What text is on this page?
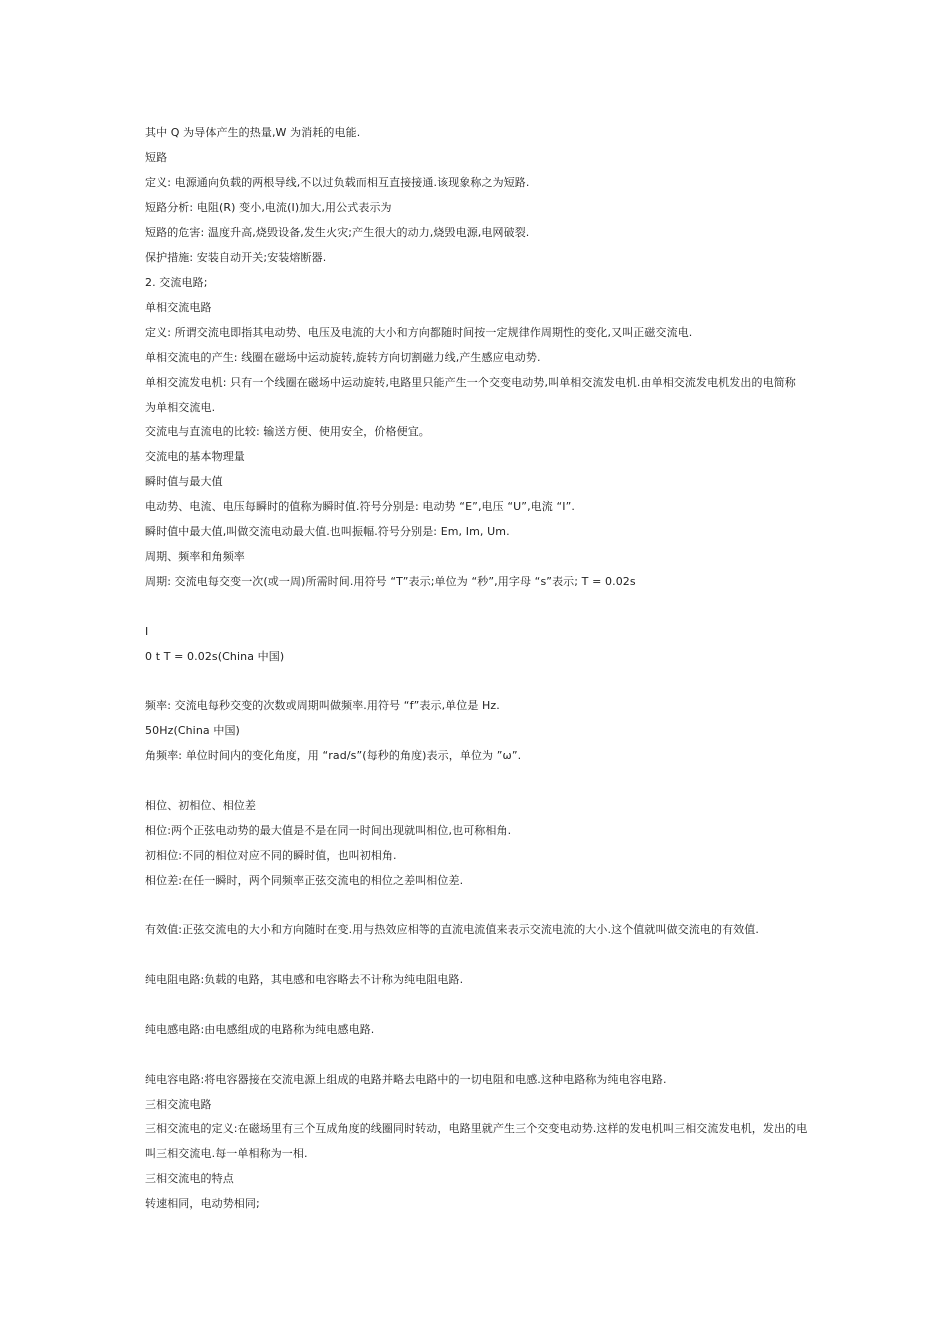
其中 Q 为导体产生的热量,W 为消耗的电能.
短路
定义: 电源通向负载的两根导线,不以过负载而相互直接接通.该现象称之为短路.
短路分析: 电阻(R) 变小,电流(I)加大,用公式表示为
短路的危害: 温度升高,烧毁设备,发生火灾;产生很大的动力,烧毁电源,电网破裂.
保护措施: 安装自动开关;安装熔断器.
2. 交流电路;
单相交流电路
定义: 所谓交流电即指其电动势、电压及电流的大小和方向都随时间按一定规律作周期性的变化,又叫正磁交流电.
单相交流电的产生: 线圈在磁场中运动旋转,旋转方向切割磁力线,产生感应电动势.
单相交流发电机: 只有一个线圈在磁场中运动旋转,电路里只能产生一个交变电动势,叫单相交流发电机.由单相交流发电机发出的电简称
为单相交流电.
交流电与直流电的比较: 输送方便、使用安全，价格便宜。
交流电的基本物理量
瞬时值与最大值
电动势、电流、电压每瞬时的值称为瞬时值.符号分别是: 电动势 “E”,电压 “U”,电流 “I”.
瞬时值中最大值,叫做交流电动最大值.也叫振幅.符号分别是: Em, Im, Um.
周期、频率和角频率
周期: 交流电每交变一次(或一周)所需时间.用符号 “T”表示;单位为 “秒”,用字母 “s”表示; T = 0.02s
I
0 t T = 0.02s(China 中国)
频率: 交流电每秒交变的次数或周期叫做频率.用符号 “f”表示,单位是 Hz.
50Hz(China 中国)
角频率: 单位时间内的变化角度，用 “rad/s”(每秒的角度)表示，单位为 ”ω”.
相位、初相位、相位差
相位:两个正弦电动势的最大值是不是在同一时间出现就叫相位,也可称相角.
初相位:不同的相位对应不同的瞬时值，也叫初相角.
相位差:在任一瞬时，两个同频率正弦交流电的相位之差叫相位差.
有效值:正弦交流电的大小和方向随时在变.用与热效应相等的直流电流值来表示交流电流的大小.这个值就叫做交流电的有效值.
纯电阻电路:负载的电路，其电感和电容略去不计称为纯电阻电路.
纯电感电路:由电感组成的电路称为纯电感电路.
纯电容电路:将电容器接在交流电源上组成的电路并略去电路中的一切电阻和电感.这种电路称为纯电容电路.
三相交流电路
三相交流电的定义:在磁场里有三个互成角度的线圈同时转动，电路里就产生三个交变电动势.这样的发电机叫三相交流发电机，发出的电
叫三相交流电.每一单相称为一相.
三相交流电的特点
转速相同，电动势相同;
